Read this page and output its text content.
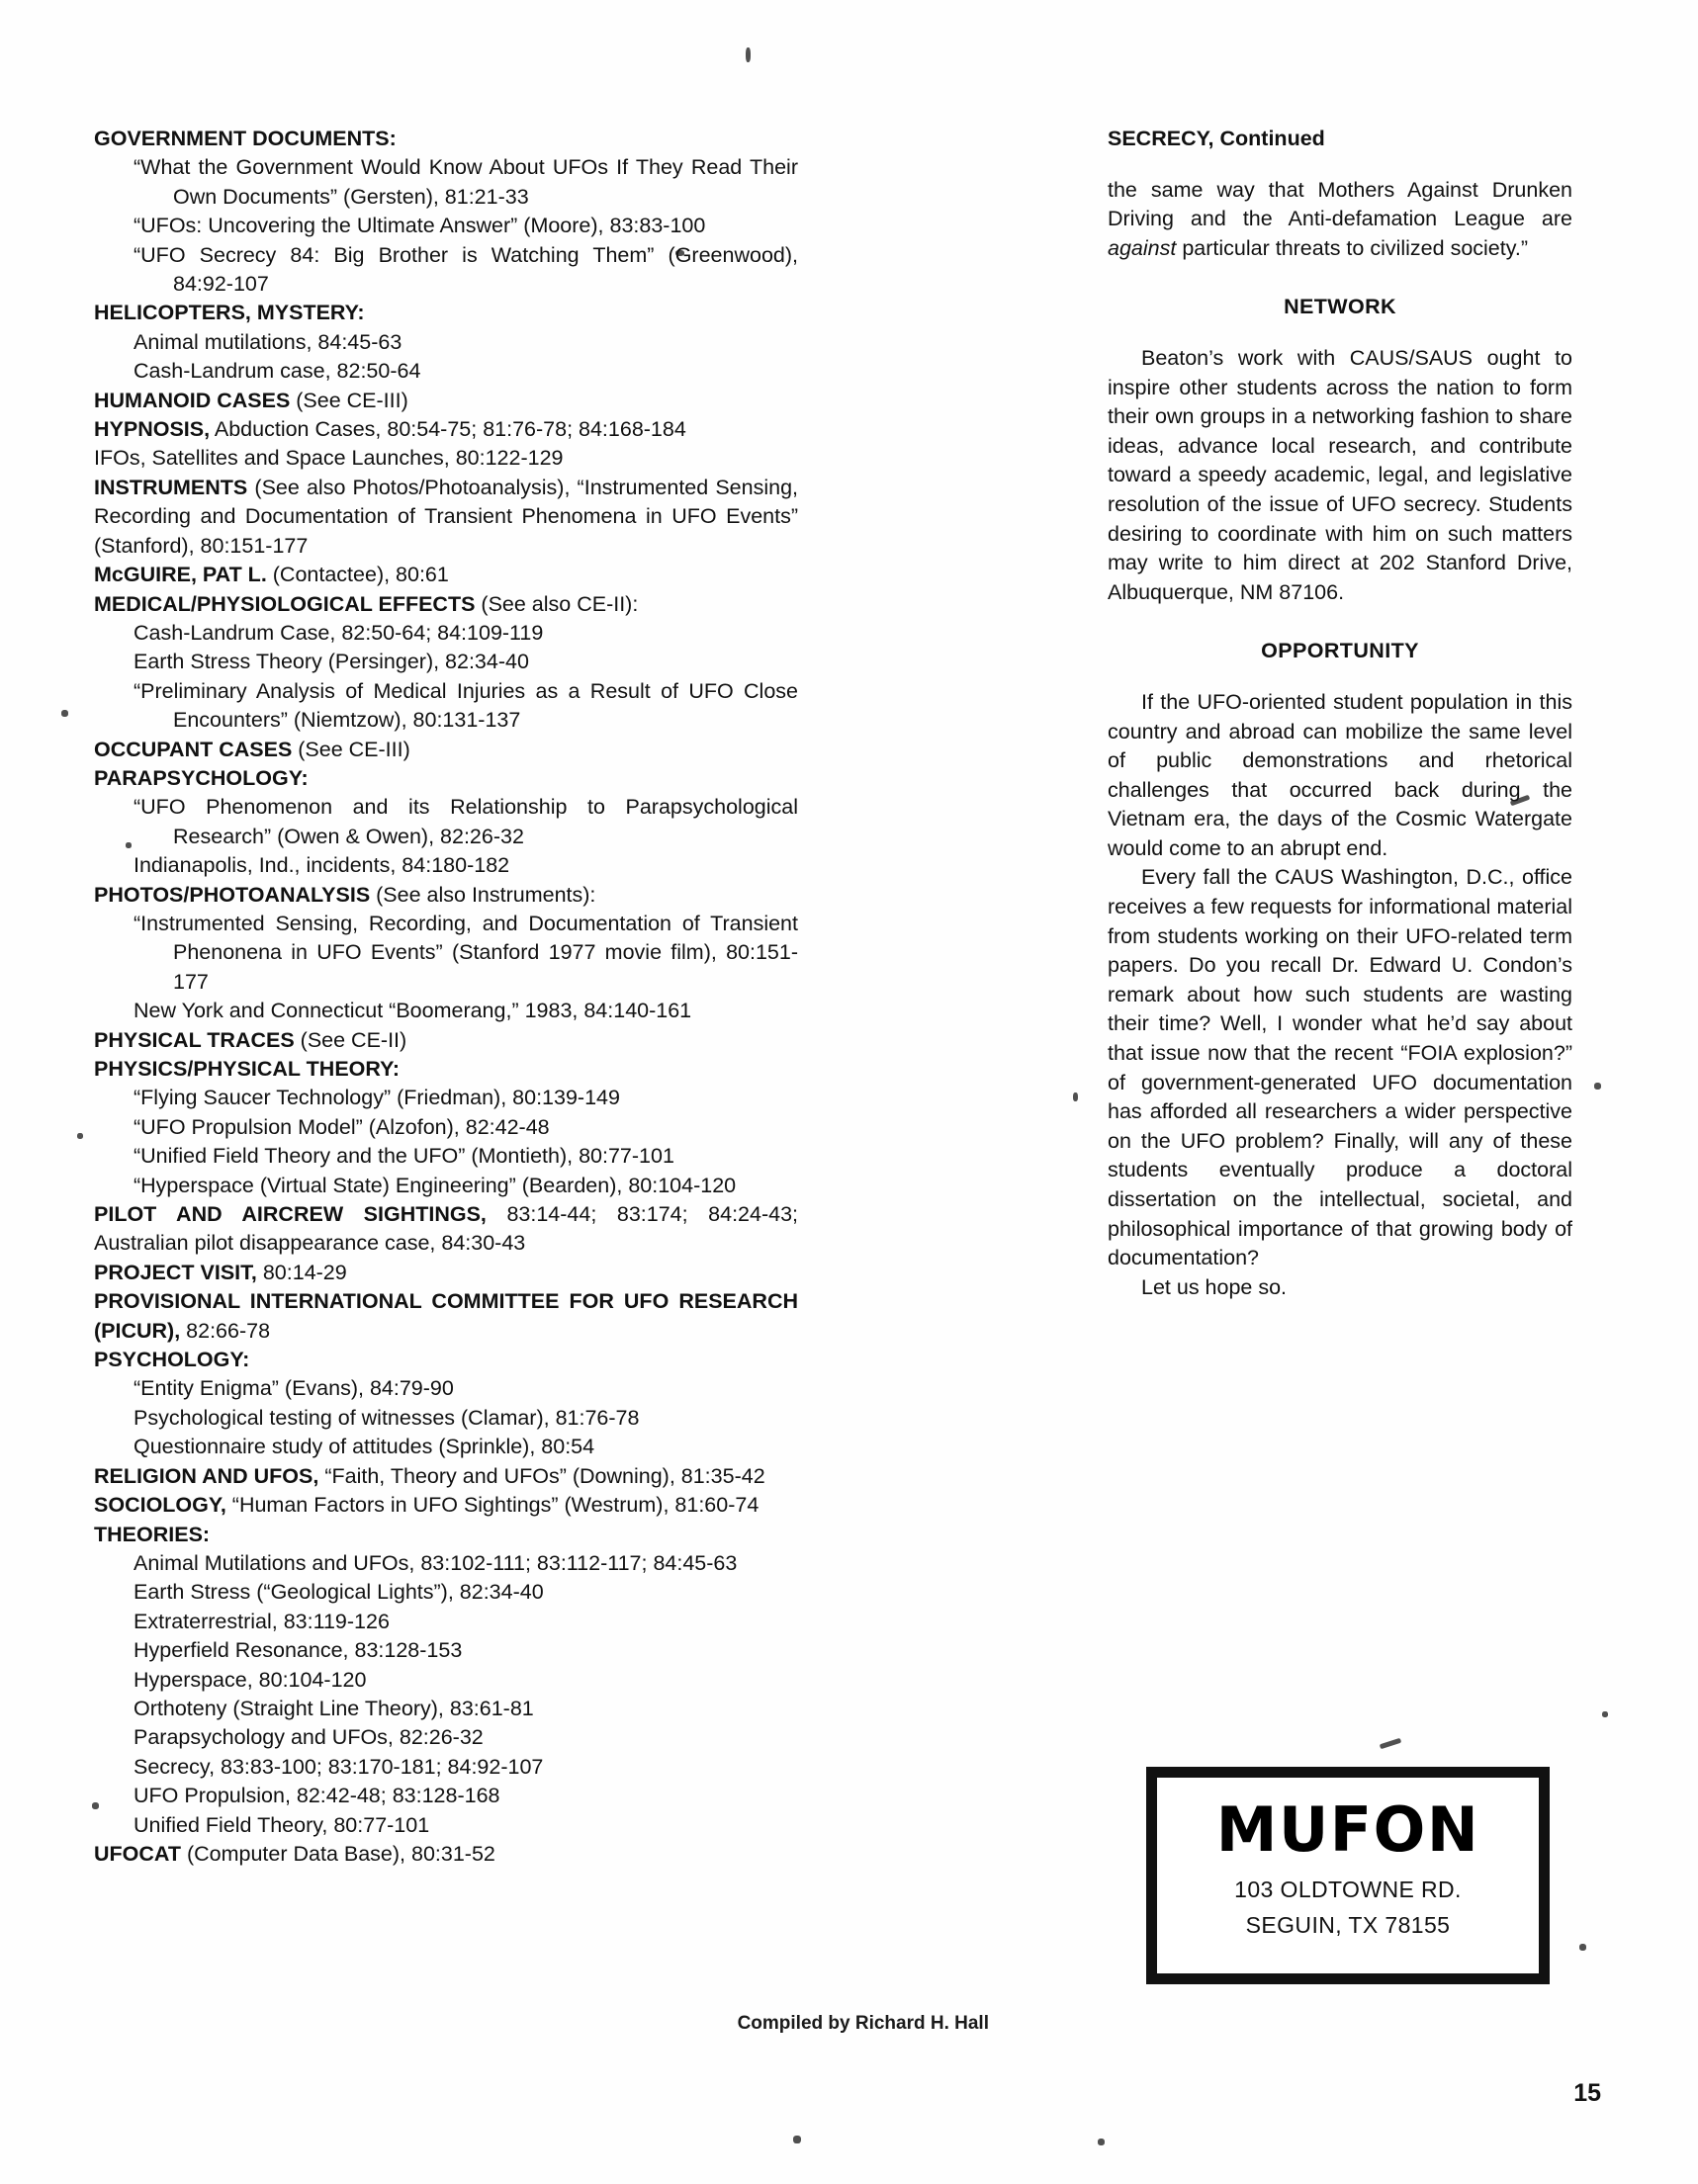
GOVERNMENT DOCUMENTS:

“What the Government Would Know About UFOs If They Read Their Own Documents” (Gersten), 81:21-33

“UFOs: Uncovering the Ultimate Answer” (Moore), 83:83-100

“UFO Secrecy 84: Big Brother is Watching Them” (Greenwood), 84:92-107

HELICOPTERS, MYSTERY:

Animal mutilations, 84:45-63

Cash-Landrum case, 82:50-64

HUMANOID CASES (See CE-III)

HYPNOSIS, Abduction Cases, 80:54-75; 81:76-78; 84:168-184

IFOs, Satellites and Space Launches, 80:122-129

INSTRUMENTS (See also Photos/Photoanalysis), “Instrumented Sensing, Recording and Documentation of Transient Phenomena in UFO Events” (Stanford), 80:151-177

McGUIRE, PAT L. (Contactee), 80:61

MEDICAL/PHYSIOLOGICAL EFFECTS (See also CE-II):

Cash-Landrum Case, 82:50-64; 84:109-119

Earth Stress Theory (Persinger), 82:34-40

“Preliminary Analysis of Medical Injuries as a Result of UFO Close Encounters” (Niemtzow), 80:131-137

OCCUPANT CASES (See CE-III)

PARAPSYCHOLOGY:

“UFO Phenomenon and its Relationship to Parapsychological Research” (Owen & Owen), 82:26-32

Indianapolis, Ind., incidents, 84:180-182

PHOTOS/PHOTOANALYSIS (See also Instruments):

“Instrumented Sensing, Recording, and Documentation of Transient Phenonena in UFO Events” (Stanford 1977 movie film), 80:151-177

New York and Connecticut “Boomerang,” 1983, 84:140-161

PHYSICAL TRACES (See CE-II)

PHYSICS/PHYSICAL THEORY:

“Flying Saucer Technology” (Friedman), 80:139-149

“UFO Propulsion Model” (Alzofon), 82:42-48

“Unified Field Theory and the UFO” (Montieth), 80:77-101

“Hyperspace (Virtual State) Engineering” (Bearden), 80:104-120

PILOT AND AIRCREW SIGHTINGS, 83:14-44; 83:174; 84:24-43; Australian pilot disappearance case, 84:30-43

PROJECT VISIT, 80:14-29

PROVISIONAL INTERNATIONAL COMMITTEE FOR UFO RESEARCH (PICUR), 82:66-78

PSYCHOLOGY:

“Entity Enigma” (Evans), 84:79-90

Psychological testing of witnesses (Clamar), 81:76-78

Questionnaire study of attitudes (Sprinkle), 80:54

RELIGION AND UFOS, “Faith, Theory and UFOs” (Downing), 81:35-42

SOCIOLOGY, “Human Factors in UFO Sightings” (Westrum), 81:60-74

THEORIES:

Animal Mutilations and UFOs, 83:102-111; 83:112-117; 84:45-63

Earth Stress (“Geological Lights”), 82:34-40

Extraterrestrial, 83:119-126

Hyperfield Resonance, 83:128-153

Hyperspace, 80:104-120

Orthoteny (Straight Line Theory), 83:61-81

Parapsychology and UFOs, 82:26-32

Secrecy, 83:83-100; 83:170-181; 84:92-107

UFO Propulsion, 82:42-48; 83:128-168

Unified Field Theory, 80:77-101

UFOCAT (Computer Data Base), 80:31-52

SECRECY, Continued

the same way that Mothers Against Drunken Driving and the Anti-defamation League are against particular threats to civilized society.”

NETWORK

Beaton’s work with CAUS/SAUS ought to inspire other students across the nation to form their own groups in a networking fashion to share ideas, advance local research, and contribute toward a speedy academic, legal, and legislative resolution of the issue of UFO secrecy. Students desiring to coordinate with him on such matters may write to him direct at 202 Stanford Drive, Albuquerque, NM 87106.

OPPORTUNITY

If the UFO-oriented student population in this country and abroad can mobilize the same level of public demonstrations and rhetorical challenges that occurred back during the Vietnam era, the days of the Cosmic Watergate would come to an abrupt end.

Every fall the CAUS Washington, D.C., office receives a few requests for informational material from students working on their UFO-related term papers. Do you recall Dr. Edward U. Condon’s remark about how such students are wasting their time? Well, I wonder what he’d say about that issue now that the recent “FOIA explosion?” of government-generated UFO documentation has afforded all researchers a wider perspective on the UFO problem? Finally, will any of these students eventually produce a doctoral dissertation on the intellectual, societal, and philosophical importance of that growing body of documentation?

Let us hope so.

MUFON
103 OLDTOWNE RD.
SEGUIN, TX 78155
Compiled by Richard H. Hall
15
